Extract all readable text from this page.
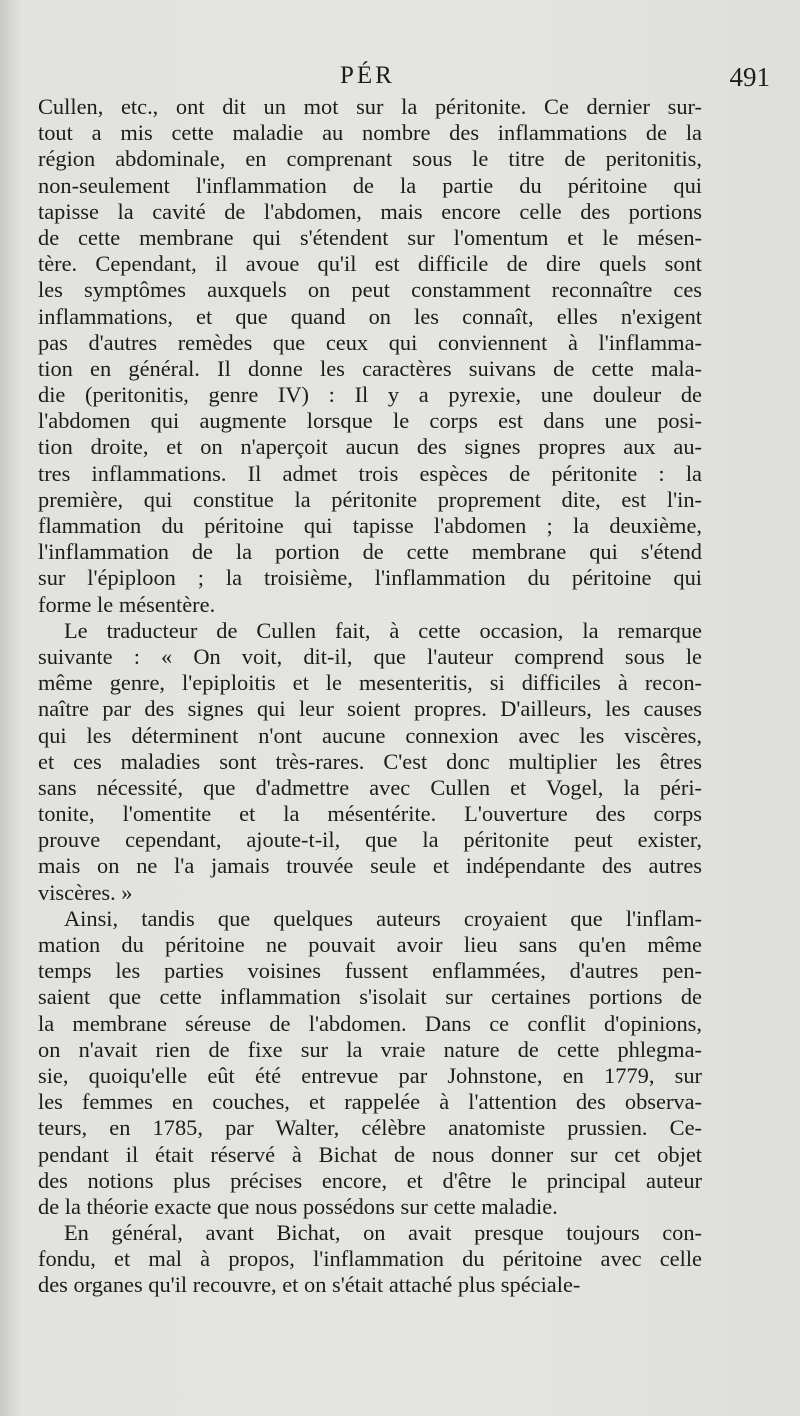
PÉR	491
Cullen, etc., ont dit un mot sur la péritonite. Ce dernier sur-
tout a mis cette maladie au nombre des inflammations de la
région abdominale, en comprenant sous le titre de peritonitis,
non-seulement l'inflammation de la partie du péritoine qui
tapisse la cavité de l'abdomen, mais encore celle des portions
de cette membrane qui s'étendent sur l'omentum et le mésen-
tère. Cependant, il avoue qu'il est difficile de dire quels sont
les symptômes auxquels on peut constamment reconnaître ces
inflammations, et que quand on les connaît, elles n'exigent
pas d'autres remèdes que ceux qui conviennent à l'inflamma-
tion en général. Il donne les caractères suivans de cette mala-
die (peritonitis, genre IV) : Il y a pyrexie, une douleur de
l'abdomen qui augmente lorsque le corps est dans une posi-
tion droite, et on n'aperçoit aucun des signes propres aux au-
tres inflammations. Il admet trois espèces de péritonite : la
première, qui constitue la péritonite proprement dite, est l'in-
flammation du péritoine qui tapisse l'abdomen ; la deuxième,
l'inflammation de la portion de cette membrane qui s'étend
sur l'épiploon ; la troisième, l'inflammation du péritoine qui
forme le mésentère.
Le traducteur de Cullen fait, à cette occasion, la remarque
suivante : « On voit, dit-il, que l'auteur comprend sous le
même genre, l'epiploitis et le mesenteritis, si difficiles à recon-
naître par des signes qui leur soient propres. D'ailleurs, les causes
qui les déterminent n'ont aucune connexion avec les viscères,
et ces maladies sont très-rares. C'est donc multiplier les êtres
sans nécessité, que d'admettre avec Cullen et Vogel, la péri-
tonite, l'omentite et la mésentérite. L'ouverture des corps
prouve cependant, ajoute-t-il, que la péritonite peut exister,
mais on ne l'a jamais trouvée seule et indépendante des autres
viscères. »
Ainsi, tandis que quelques auteurs croyaient que l'inflam-
mation du péritoine ne pouvait avoir lieu sans qu'en même
temps les parties voisines fussent enflammées, d'autres pen-
saient que cette inflammation s'isolait sur certaines portions de
la membrane séreuse de l'abdomen. Dans ce conflit d'opinions,
on n'avait rien de fixe sur la vraie nature de cette phlegma-
sie, quoiqu'elle eût été entrevue par Johnstone, en 1779, sur
les femmes en couches, et rappelée à l'attention des observa-
teurs, en 1785, par Walter, célèbre anatomiste prussien. Ce-
pendant il était réservé à Bichat de nous donner sur cet objet
des notions plus précises encore, et d'être le principal auteur
de la théorie exacte que nous possédons sur cette maladie.
En général, avant Bichat, on avait presque toujours con-
fondu, et mal à propos, l'inflammation du péritoine avec celle
des organes qu'il recouvre, et on s'était attaché plus spéciale-
